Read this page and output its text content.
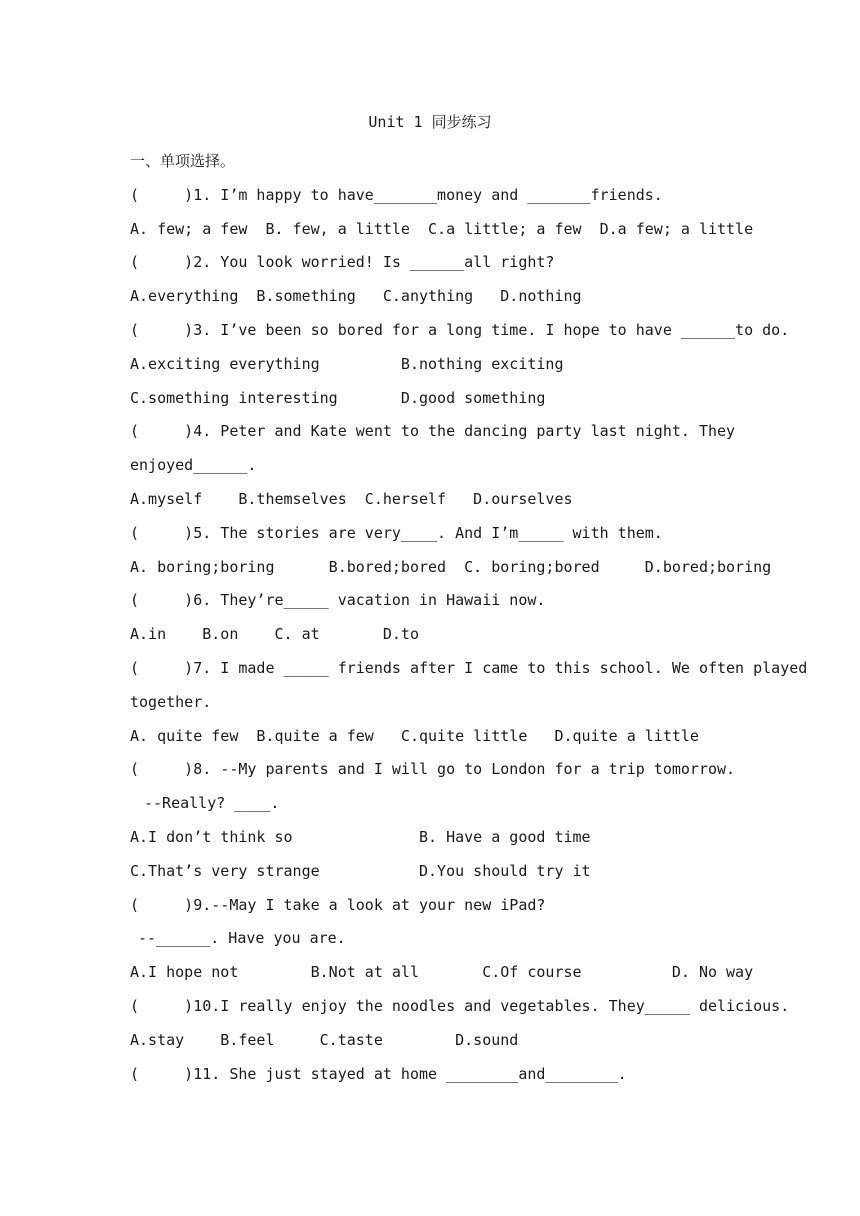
Unit 1 同步练习
一、单项选择。
(     )1. I’m happy to have_______money and _______friends.
A. few; a few  B. few, a little  C.a little; a few  D.a few; a little
(     )2. You look worried! Is ______all right?
A.everything  B.something   C.anything   D.nothing
(     )3. I’ve been so bored for a long time. I hope to have ______to do.
A.exciting everything         B.nothing exciting
C.something interesting       D.good something
(     )4. Peter and Kate went to the dancing party last night. They
enjoyed______.
A.myself    B.themselves  C.herself   D.ourselves
(     )5. The stories are very____. And I’m_____ with them.
A. boring;boring      B.bored;bored  C. boring;bored     D.bored;boring
(     )6. They’re_____ vacation in Hawaii now.
A.in    B.on    C. at       D.to
(     )7. I made _____ friends after I came to this school. We often played
together.
A. quite few  B.quite a few   C.quite little   D.quite a little
(     )8. --My parents and I will go to London for a trip tomorrow.
--Really? ____.
A.I don’t think so              B. Have a good time
C.That’s very strange           D.You should try it
(     )9.--May I take a look at your new iPad?
--______. Have you are.
A.I hope not        B.Not at all       C.Of course          D. No way
(     )10.I really enjoy the noodles and vegetables. They_____ delicious.
A.stay    B.feel     C.taste        D.sound
(     )11. She just stayed at home ________and________.
